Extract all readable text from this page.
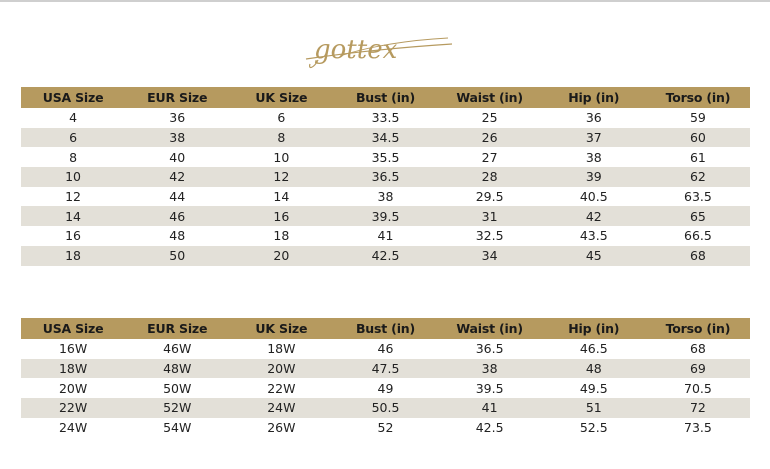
gottex
USA Size	EUR Size	UK Size	Bust (in)	Waist (in)	Hip (in)	Torso (in)
4	36	6	33.5	25	36	59
6	38	8	34.5	26	37	60
8	40	10	35.5	27	38	61
10	42	12	36.5	28	39	62
12	44	14	38	29.5	40.5	63.5
14	46	16	39.5	31	42	65
16	48	18	41	32.5	43.5	66.5
18	50	20	42.5	34	45	68
USA Size	EUR Size	UK Size	Bust (in)	Waist (in)	Hip (in)	Torso (in)
16W	46W	18W	46	36.5	46.5	68
18W	48W	20W	47.5	38	48	69
20W	50W	22W	49	39.5	49.5	70.5
22W	52W	24W	50.5	41	51	72
24W	54W	26W	52	42.5	52.5	73.5
